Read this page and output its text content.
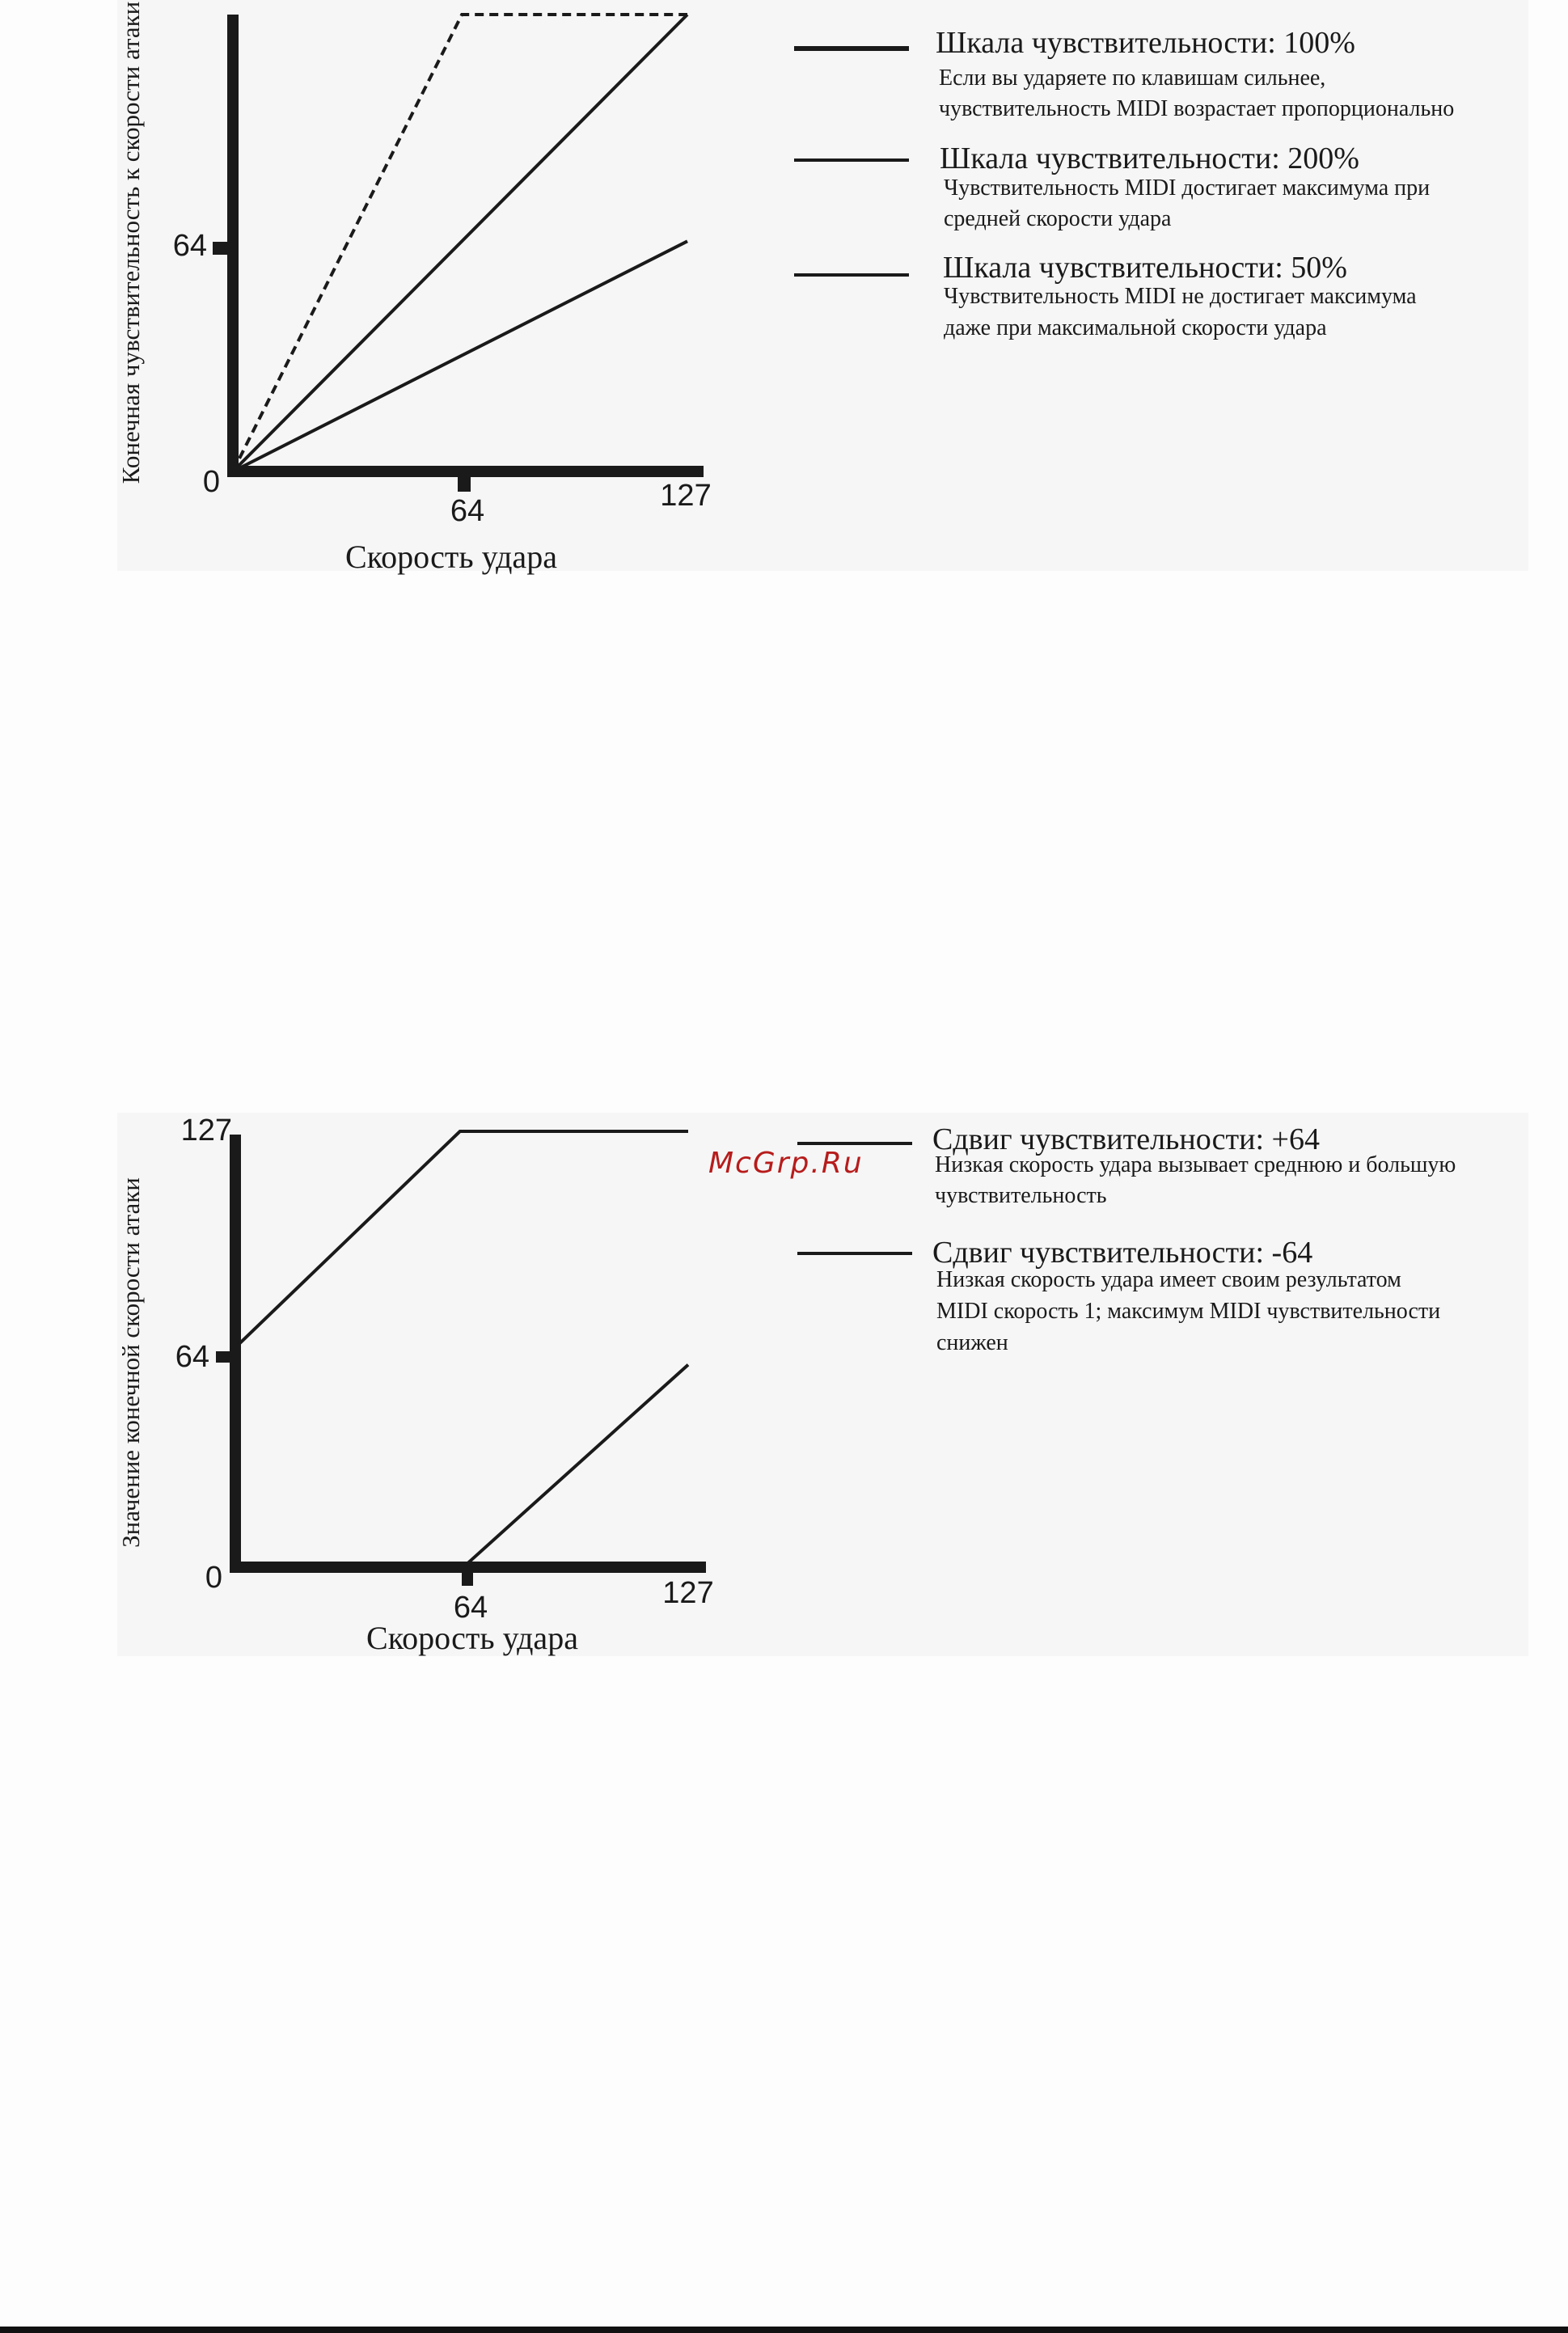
64
0
64	127
Скорость удара
Конечная чувствительность к скорости атаки	Шкала чувствительности: 100%
Если вы ударяете по клавишам сильнее,
чувствительность MIDI возрастает пропорционально
Шкала чувствительности: 200%
Чувствительность MIDI достигает максимума при
средней скорости удара
Шкала чувствительности: 50%
Чувствительность MIDI не достигает максимума
даже при максимальной скорости удара
127
64
0
64	127
Скорость удара
Значение конечной скорости атаки
Сдвиг чувствительности: +64
Низкая скорость удара вызывает среднюю и большую
чувствительность
Сдвиг чувствительности: -64
Низкая скорость удара имеет своим результатом
MIDI скорость 1; максимум MIDI чувствительности
снижен
McGrp.Ru
